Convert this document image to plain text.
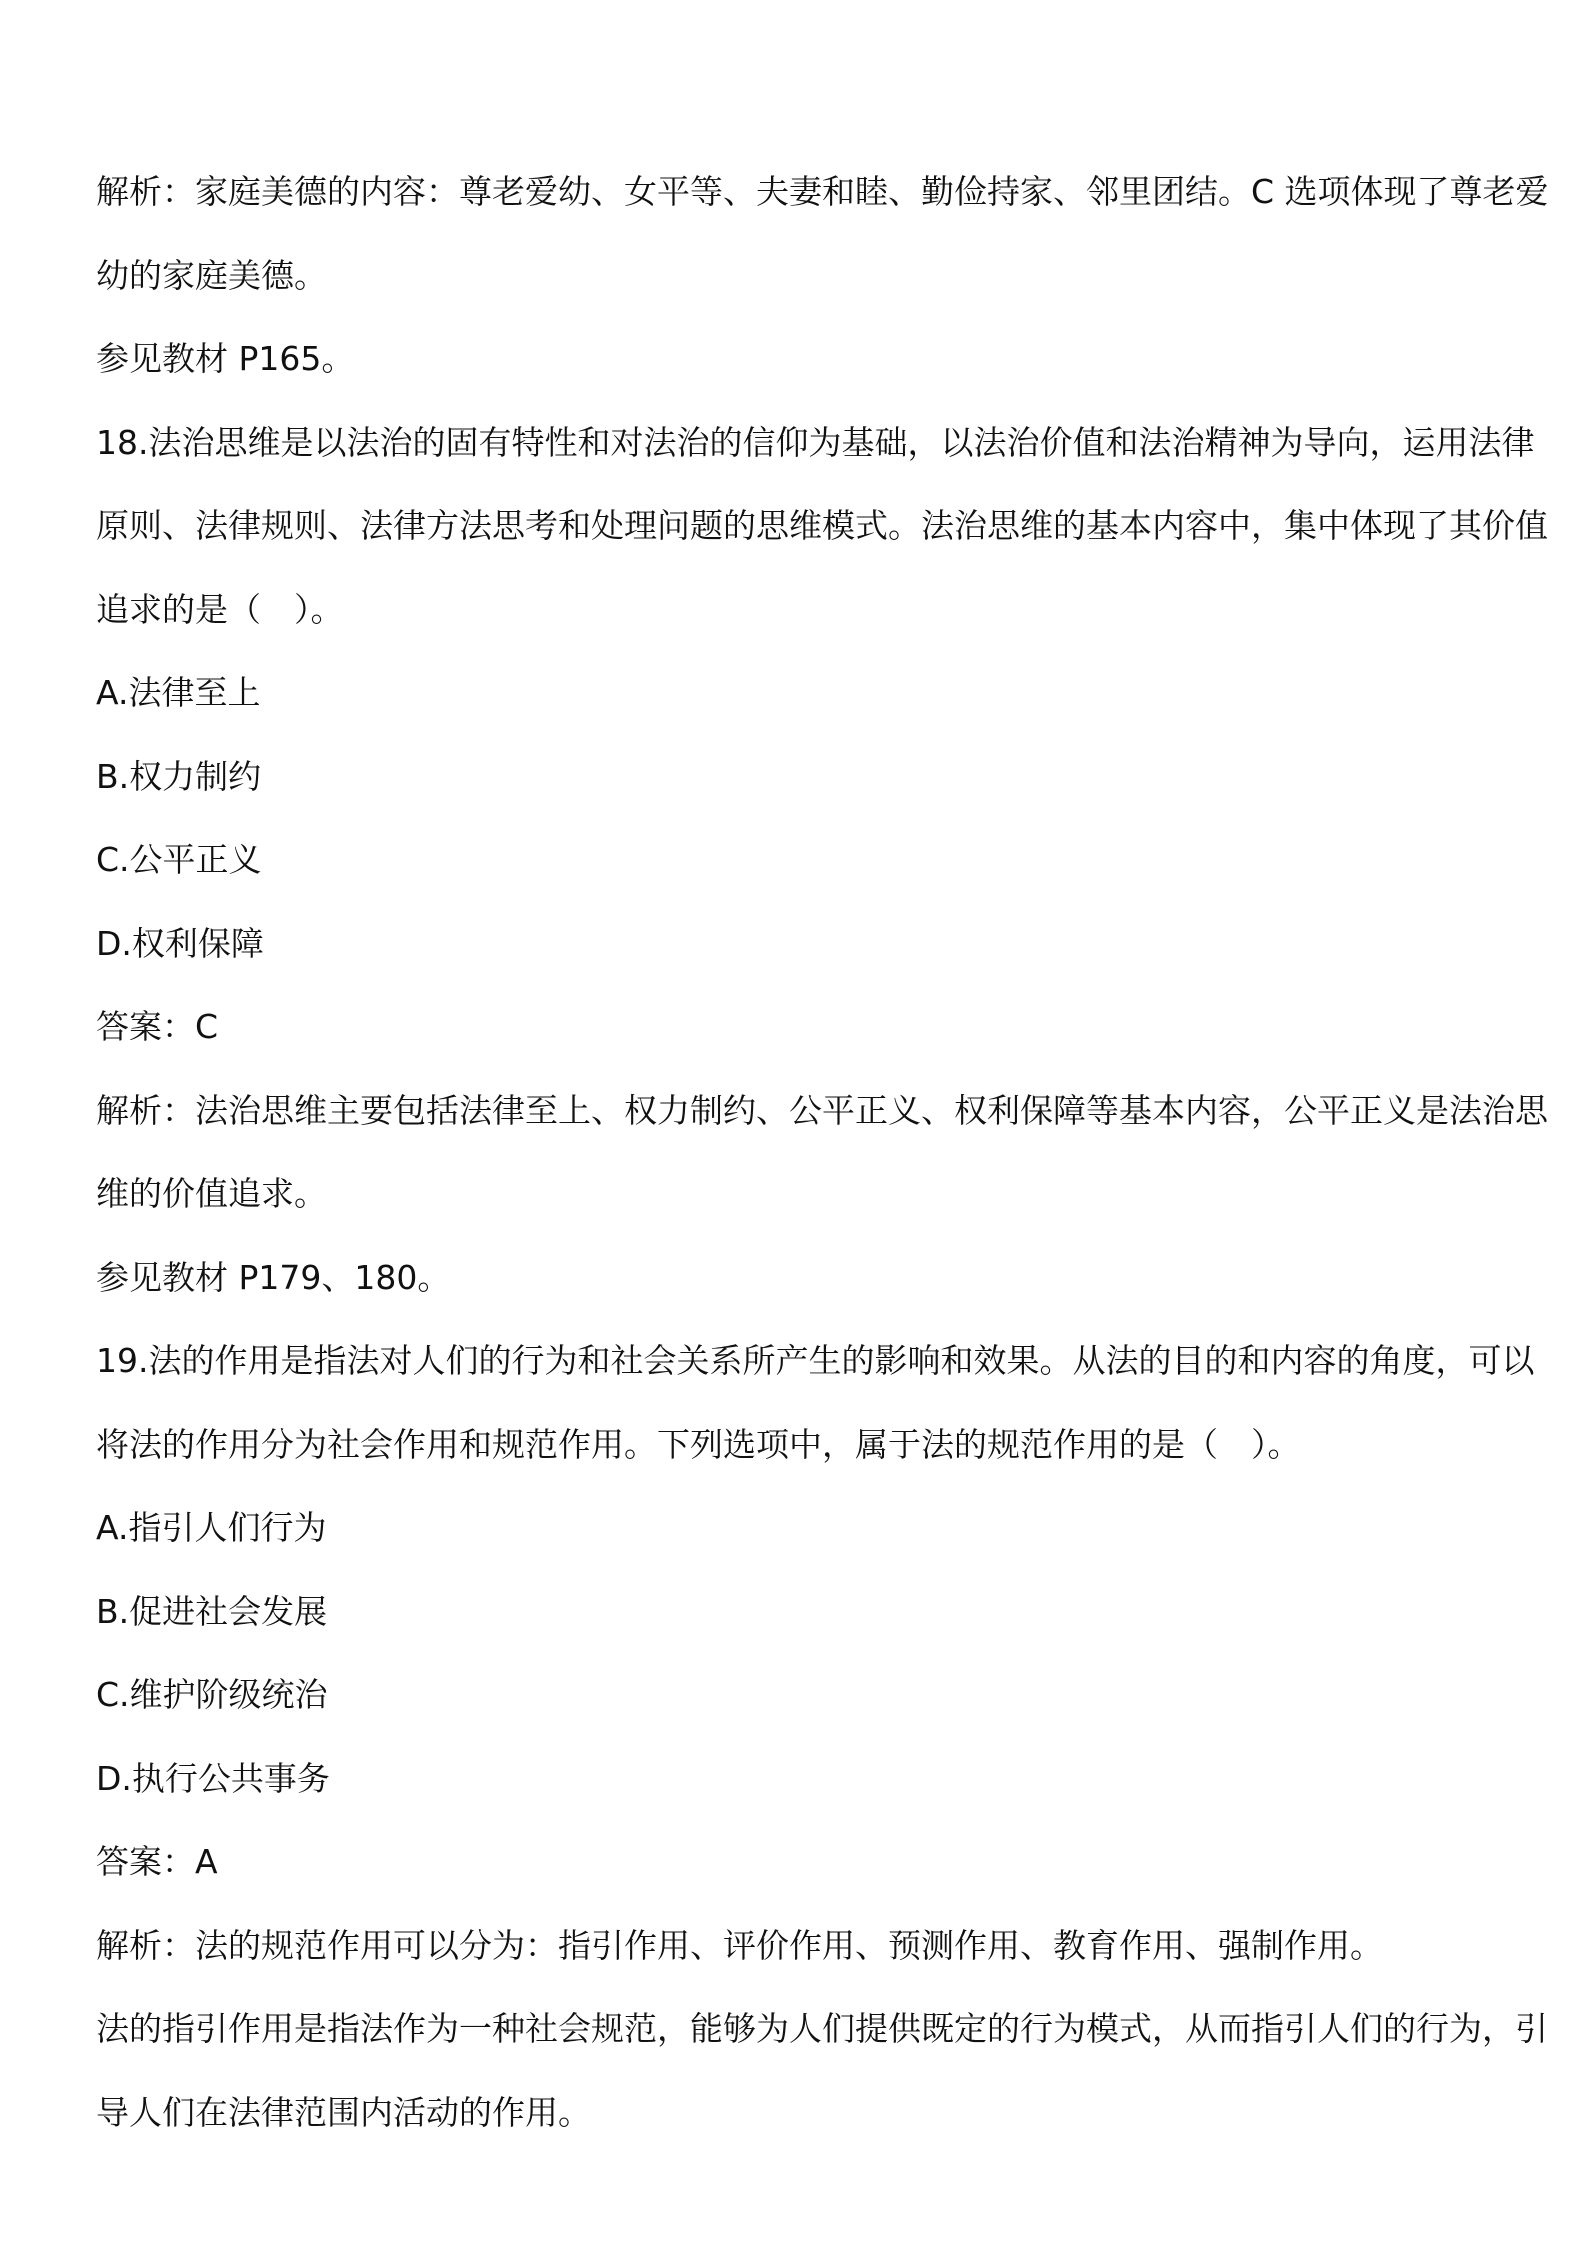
解析：家庭美德的内容：尊老爱幼、女平等、夫妻和睦、勤俭持家、邻里团结。C 选项体现了尊老爱
幼的家庭美德。
参见教材 P165。
18.法治思维是以法治的固有特性和对法治的信仰为基础，以法治价值和法治精神为导向，运用法律
原则、法律规则、法律方法思考和处理问题的思维模式。法治思维的基本内容中，集中体现了其价值
追求的是（　）。
A.法律至上
B.权力制约
C.公平正义
D.权利保障
答案：C
解析：法治思维主要包括法律至上、权力制约、公平正义、权利保障等基本内容，公平正义是法治思
维的价值追求。
参见教材 P179、180。
19.法的作用是指法对人们的行为和社会关系所产生的影响和效果。从法的目的和内容的角度，可以
将法的作用分为社会作用和规范作用。下列选项中，属于法的规范作用的是（　）。
A.指引人们行为
B.促进社会发展
C.维护阶级统治
D.执行公共事务
答案：A
解析：法的规范作用可以分为：指引作用、评价作用、预测作用、教育作用、强制作用。
法的指引作用是指法作为一种社会规范，能够为人们提供既定的行为模式，从而指引人们的行为，引
导人们在法律范围内活动的作用。
